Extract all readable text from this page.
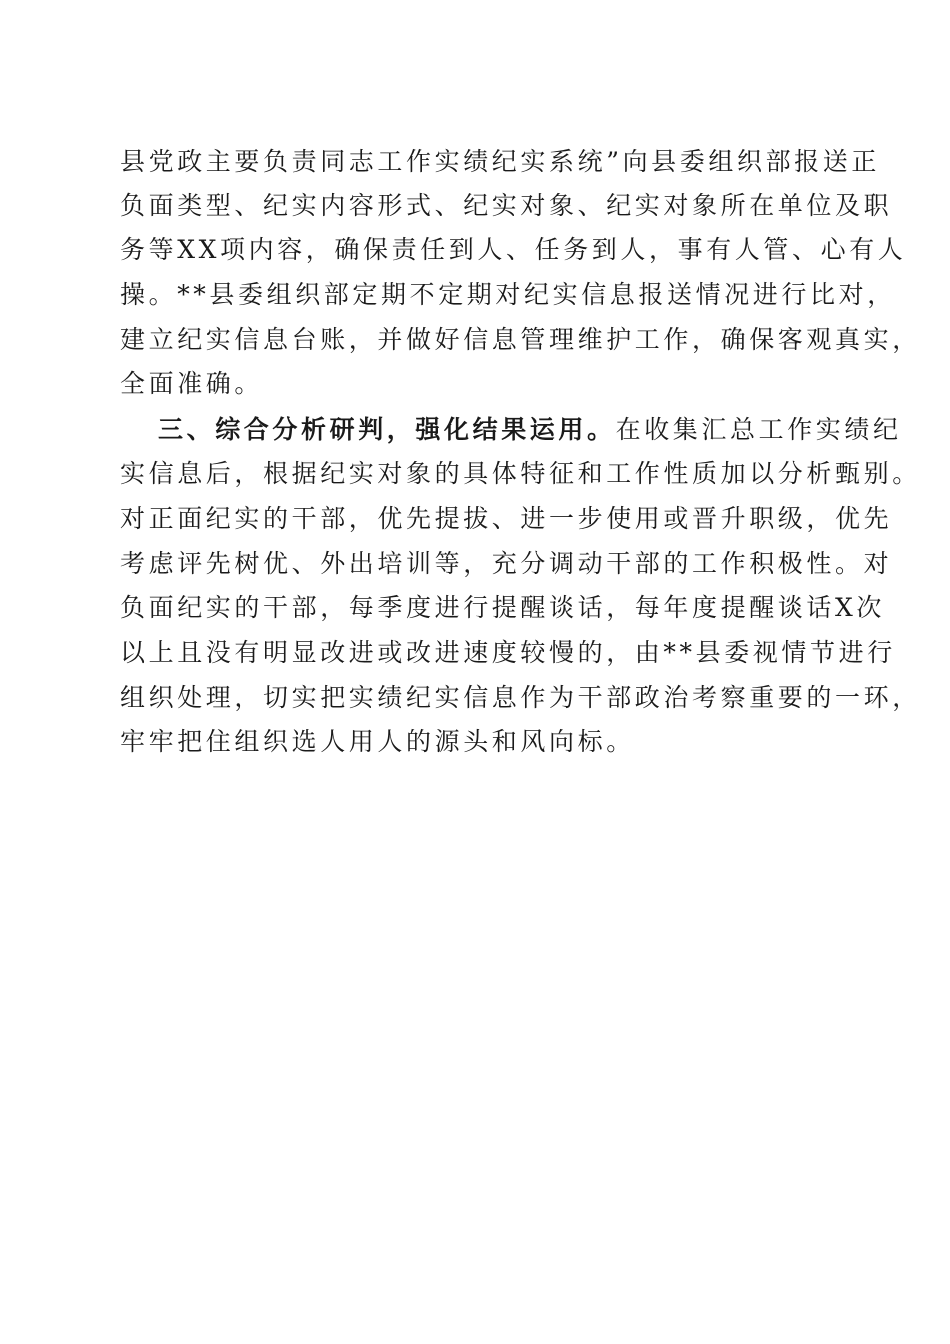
县党政主要负责同志工作实绩纪实系统”向县委组织部报送正
负面类型、纪实内容形式、纪实对象、纪实对象所在单位及职
务等XX项内容，确保责任到人、任务到人，事有人管、心有人
操。**县委组织部定期不定期对纪实信息报送情况进行比对，
建立纪实信息台账，并做好信息管理维护工作，确保客观真实，
全面准确。
三、综合分析研判，强化结果运用。在收集汇总工作实绩纪
实信息后，根据纪实对象的具体特征和工作性质加以分析甄别。
对正面纪实的干部，优先提拔、进一步使用或晋升职级，优先
考虑评先树优、外出培训等，充分调动干部的工作积极性。对
负面纪实的干部，每季度进行提醒谈话，每年度提醒谈话X次
以上且没有明显改进或改进速度较慢的，由**县委视情节进行
组织处理，切实把实绩纪实信息作为干部政治考察重要的一环，
牢牢把住组织选人用人的源头和风向标。
